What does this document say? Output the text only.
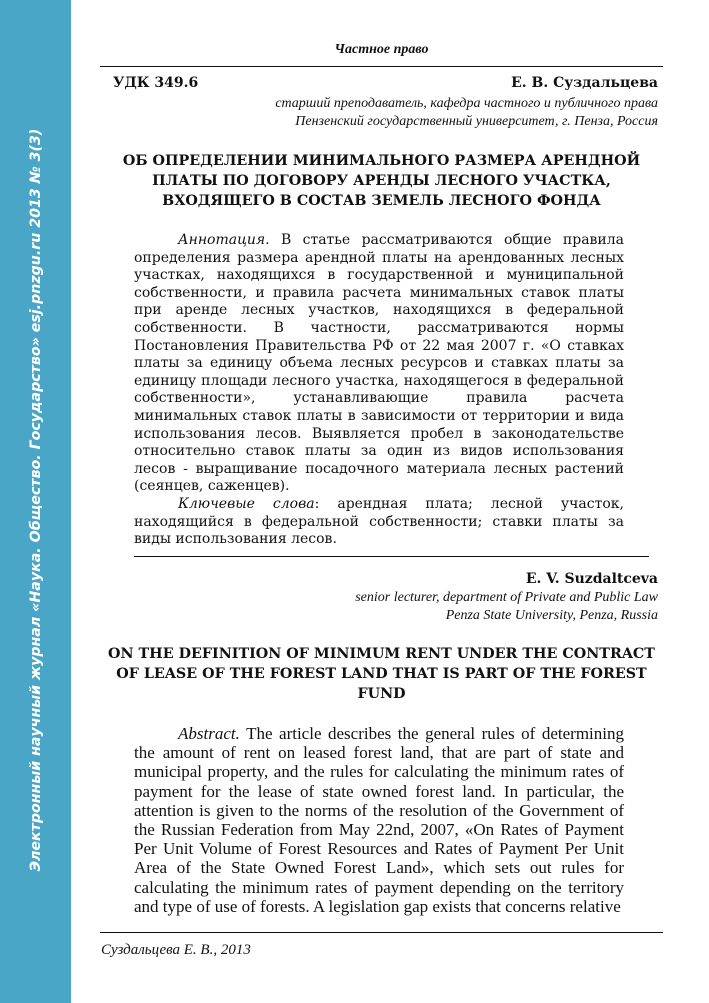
Электронный научный журнал «Наука. Общество. Государство» esj.pnzgu.ru 2013 № 3(3)
Частное право
УДК 349.6	Е. В. Суздальцева
старший преподаватель, кафедра частного и публичного права
Пензенский государственный университет, г. Пенза, Россия
ОБ ОПРЕДЕЛЕНИИ МИНИМАЛЬНОГО РАЗМЕРА АРЕНДНОЙ ПЛАТЫ ПО ДОГОВОРУ АРЕНДЫ ЛЕСНОГО УЧАСТКА, ВХОДЯЩЕГО В СОСТАВ ЗЕМЕЛЬ ЛЕСНОГО ФОНДА

Аннотация. В статье рассматриваются общие правила определения размера арендной платы на арендованных лесных участках, находящихся в государственной и муниципальной собственности, и правила расчета минимальных ставок платы при аренде лесных участков, находящихся в федеральной собственности. В частности, рассматриваются нормы Постановления Правительства РФ от 22 мая 2007 г. «О ставках платы за единицу объема лесных ресурсов и ставках платы за единицу площади лесного участка, находящегося в федеральной собственности», устанавливающие правила расчета минимальных ставок платы в зависимости от территории и вида использования лесов. Выявляется пробел в законодательстве относительно ставок платы за один из видов использования лесов - выращивание посадочного материала лесных растений (сеянцев, саженцев).

Ключевые слова: арендная плата; лесной участок, находящийся в федеральной собственности; ставки платы за виды использования лесов.

E. V. Suzdaltceva
senior lecturer, department of Private and Public Law
Penza State University, Penza, Russia
ON THE DEFINITION OF MINIMUM RENT UNDER THE CONTRACT OF LEASE OF THE FOREST LAND THAT IS PART OF THE FOREST FUND

Abstract. The article describes the general rules of determining the amount of rent on leased forest land, that are part of state and municipal property, and the rules for calculating the minimum rates of payment for the lease of state owned forest land. In particular, the attention is given to the norms of the resolution of the Government of the Russian Federation from May 22nd, 2007, «On Rates of Payment Per Unit Volume of Forest Resources and Rates of Payment Per Unit Area of the State Owned Forest Land», which sets out rules for calculating the minimum rates of payment depending on the territory and type of use of forests. A legislation gap exists that concerns relative

Суздальцева Е. В., 2013
